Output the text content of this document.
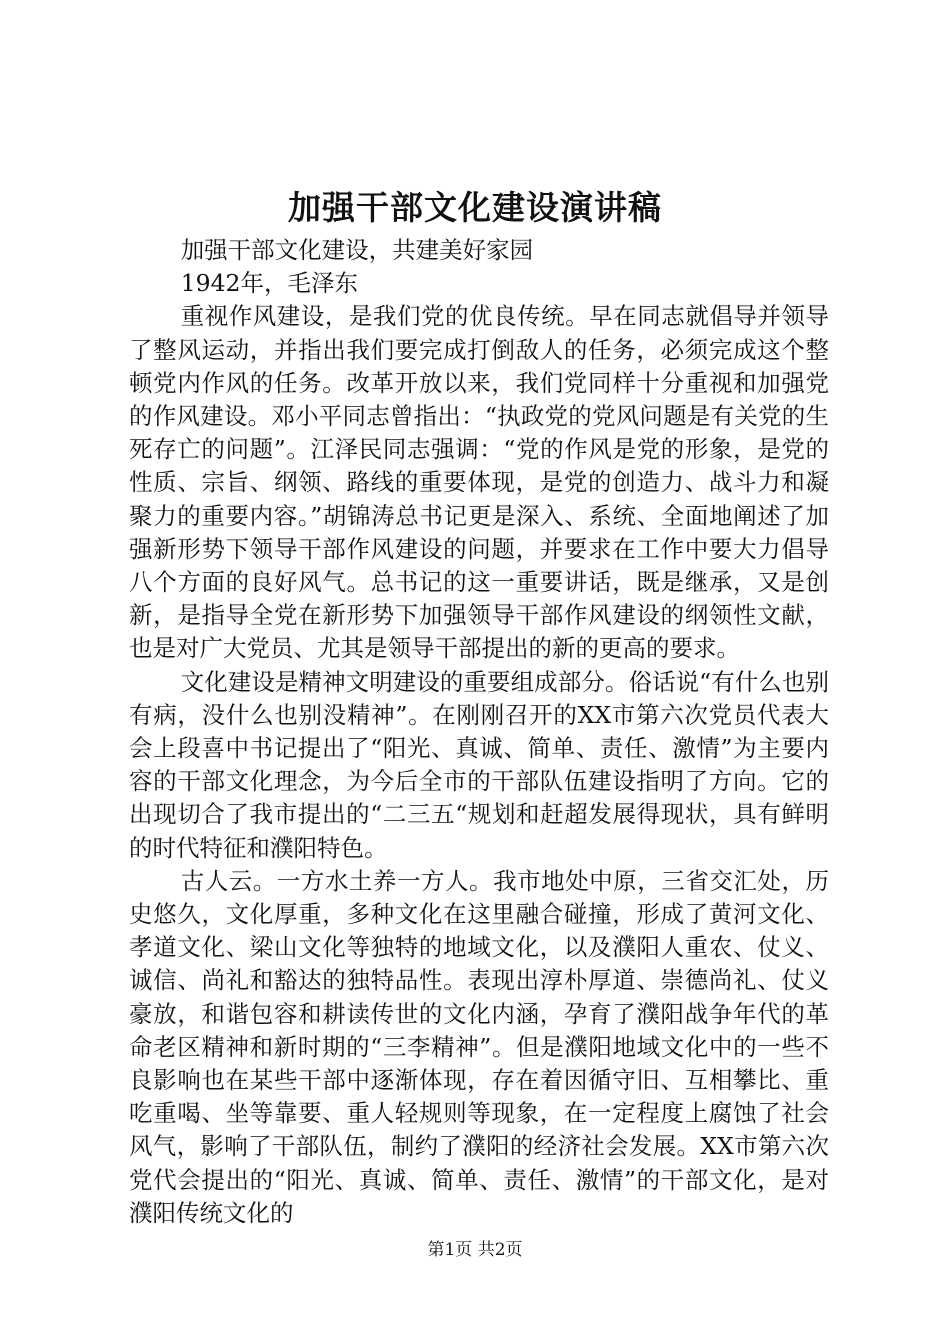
加强干部文化建设演讲稿

加强干部文化建设，共建美好家园

1942年，毛泽东

重视作风建设，是我们党的优良传统。早在同志就倡导并领导了整风运动，并指出我们要完成打倒敌人的任务，必须完成这个整顿党内作风的任务。改革开放以来，我们党同样十分重视和加强党的作风建设。邓小平同志曾指出：“执政党的党风问题是有关党的生死存亡的问题”。江泽民同志强调：“党的作风是党的形象，是党的性质、宗旨、纲领、路线的重要体现，是党的创造力、战斗力和凝聚力的重要内容。”胡锦涛总书记更是深入、系统、全面地阐述了加强新形势下领导干部作风建设的问题，并要求在工作中要大力倡导八个方面的良好风气。总书记的这一重要讲话，既是继承，又是创新，是指导全党在新形势下加强领导干部作风建设的纲领性文献，也是对广大党员、尤其是领导干部提出的新的更高的要求。

文化建设是精神文明建设的重要组成部分。俗话说“有什么也别有病，没什么也别没精神”。在刚刚召开的XX市第六次党员代表大会上段喜中书记提出了“阳光、真诚、简单、责任、激情”为主要内容的干部文化理念，为今后全市的干部队伍建设指明了方向。它的出现切合了我市提出的“二三五“规划和赶超发展得现状，具有鲜明的时代特征和濮阳特色。

古人云。一方水土养一方人。我市地处中原，三省交汇处，历史悠久，文化厚重，多种文化在这里融合碰撞，形成了黄河文化、孝道文化、梁山文化等独特的地域文化，以及濮阳人重农、仗义、诚信、尚礼和豁达的独特品性。表现出淳朴厚道、崇德尚礼、仗义豪放，和谐包容和耕读传世的文化内涵，孕育了濮阳战争年代的革命老区精神和新时期的“三李精神”。但是濮阳地域文化中的一些不良影响也在某些干部中逐渐体现，存在着因循守旧、互相攀比、重吃重喝、坐等靠要、重人轻规则等现象，在一定程度上腐蚀了社会风气，影响了干部队伍，制约了濮阳的经济社会发展。XX市第六次党代会提出的“阳光、真诚、简单、责任、激情”的干部文化，是对濮阳传统文化的

第1页 共2页
